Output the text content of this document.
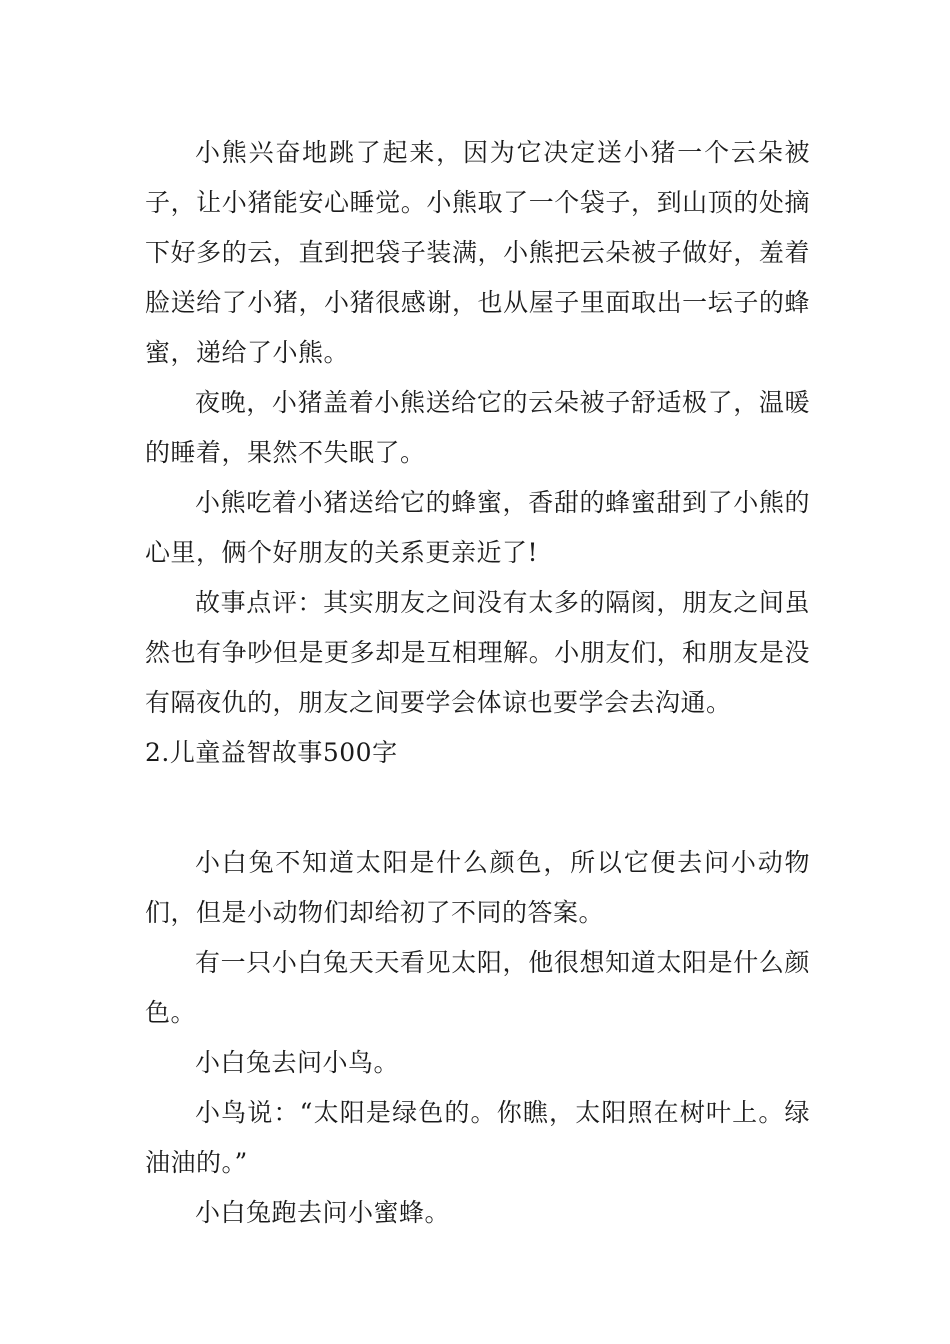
小熊兴奋地跳了起来，因为它决定送小猪一个云朵被子，让小猪能安心睡觉。小熊取了一个袋子，到山顶的处摘下好多的云，直到把袋子装满，小熊把云朵被子做好，羞着脸送给了小猪，小猪很感谢，也从屋子里面取出一坛子的蜂蜜，递给了小熊。

夜晚，小猪盖着小熊送给它的云朵被子舒适极了，温暖的睡着，果然不失眠了。

小熊吃着小猪送给它的蜂蜜，香甜的蜂蜜甜到了小熊的心里，俩个好朋友的关系更亲近了!

故事点评：其实朋友之间没有太多的隔阂，朋友之间虽然也有争吵但是更多却是互相理解。小朋友们，和朋友是没有隔夜仇的，朋友之间要学会体谅也要学会去沟通。

2.儿童益智故事500字

小白兔不知道太阳是什么颜色，所以它便去问小动物们，但是小动物们却给初了不同的答案。

有一只小白兔天天看见太阳，他很想知道太阳是什么颜色。

小白兔去问小鸟。

小鸟说：“太阳是绿色的。你瞧，太阳照在树叶上。绿油油的。”

小白兔跑去问小蜜蜂。
